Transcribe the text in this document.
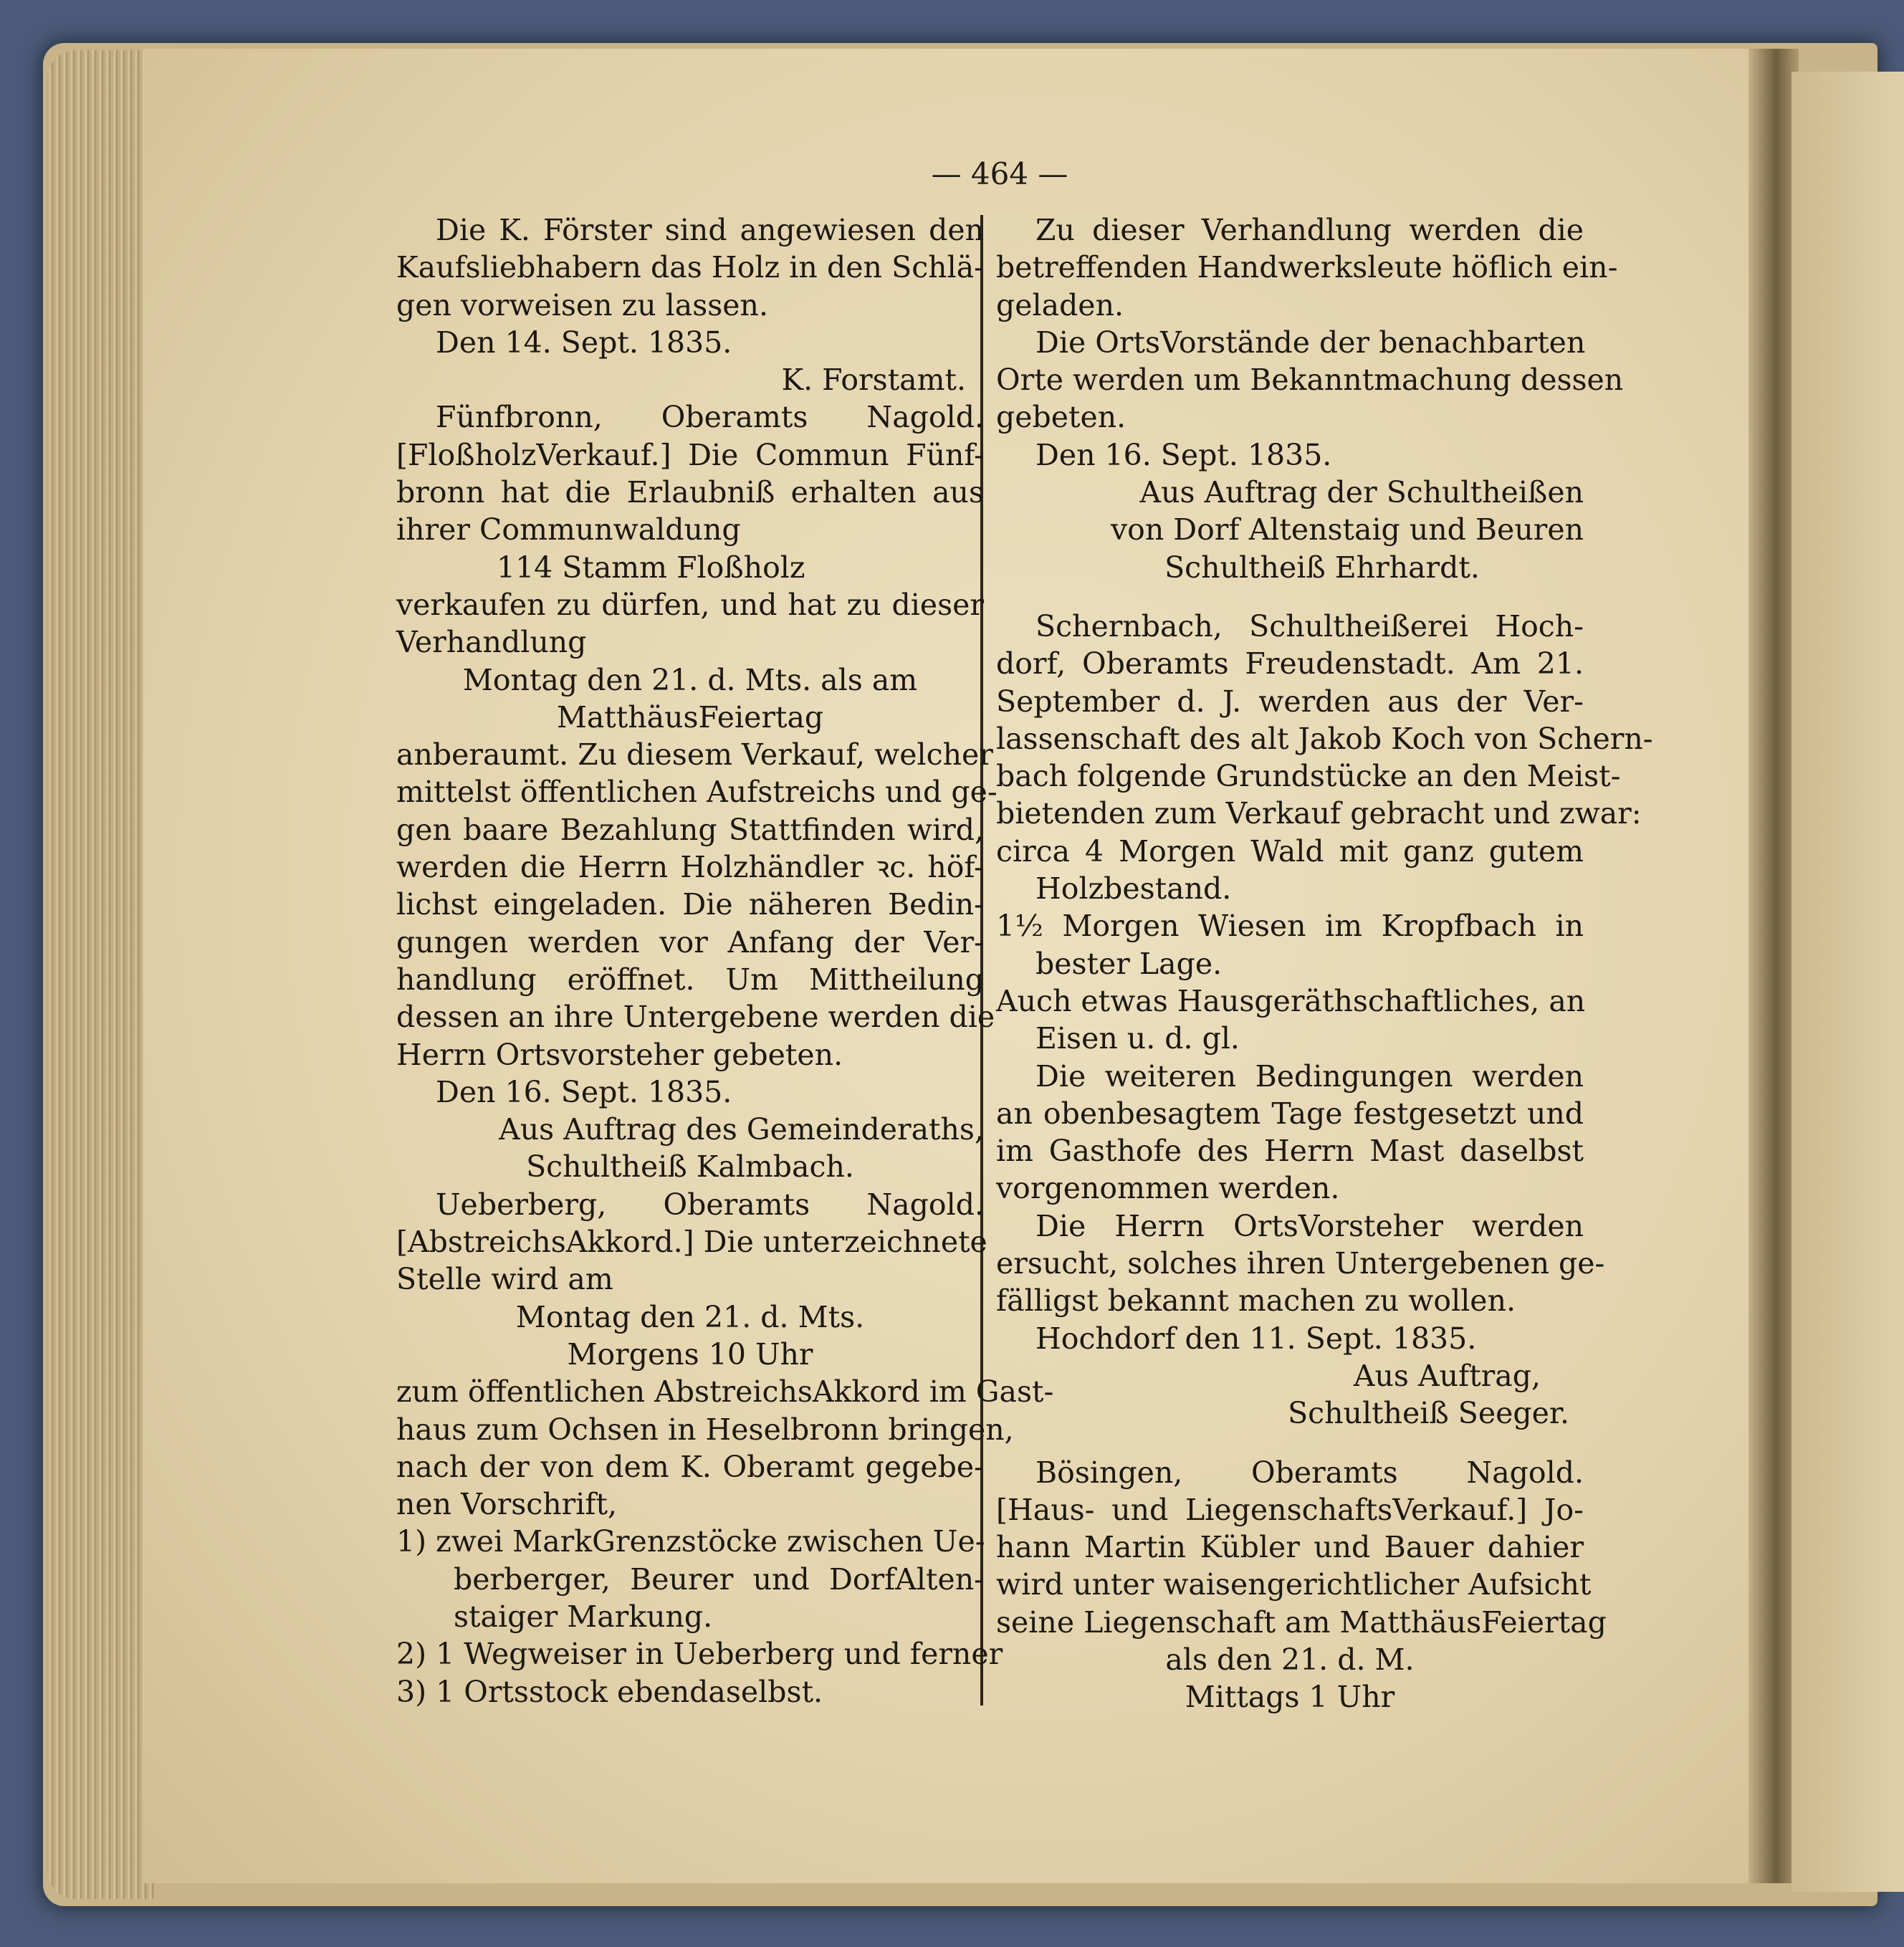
— 464 —
Die K. Förster sind angewiesen den
Kaufsliebhabern das Holz in den Schlä-
gen vorweisen zu lassen.
Den 14. Sept. 1835.
K. Forstamt.
Fünfbronn, Oberamts Nagold.
[FloßholzVerkauf.] Die Commun Fünf-
bronn hat die Erlaubniß erhalten aus
ihrer Communwaldung
114 Stamm Floßholz
verkaufen zu dürfen, und hat zu dieser
Verhandlung
Montag den 21. d. Mts. als am
MatthäusFeiertag
anberaumt. Zu diesem Verkauf, welcher
mittelst öffentlichen Aufstreichs und ge-
gen baare Bezahlung Stattfinden wird,
werden die Herrn Holzhändler ꝛc. höf-
lichst eingeladen. Die näheren Bedin-
gungen werden vor Anfang der Ver-
handlung eröffnet. Um Mittheilung
dessen an ihre Untergebene werden die
Herrn Ortsvorsteher gebeten.
Den 16. Sept. 1835.
Aus Auftrag des Gemeinderaths,
Schultheiß Kalmbach.
Ueberberg, Oberamts Nagold.
[AbstreichsAkkord.] Die unterzeichnete
Stelle wird am
Montag den 21. d. Mts.
Morgens 10 Uhr
zum öffentlichen AbstreichsAkkord im Gast-
haus zum Ochsen in Heselbronn bringen,
nach der von dem K. Oberamt gegebe-
nen Vorschrift,
1) zwei MarkGrenzstöcke zwischen Ue-
berberger, Beurer und DorfAlten-
staiger Markung.
2) 1 Wegweiser in Ueberberg und ferner
3) 1 Ortsstock ebendaselbst.
Zu dieser Verhandlung werden die
betreffenden Handwerksleute höflich ein-
geladen.
Die OrtsVorstände der benachbarten
Orte werden um Bekanntmachung dessen
gebeten.
Den 16. Sept. 1835.
Aus Auftrag der Schultheißen
von Dorf Altenstaig und Beuren
Schultheiß Ehrhardt.
Schernbach, Schultheißerei Hoch-
dorf, Oberamts Freudenstadt. Am 21.
September d. J. werden aus der Ver-
lassenschaft des alt Jakob Koch von Schern-
bach folgende Grundstücke an den Meist-
bietenden zum Verkauf gebracht und zwar:
circa 4 Morgen Wald mit ganz gutem
Holzbestand.
1½ Morgen Wiesen im Kropfbach in
bester Lage.
Auch etwas Hausgeräthschaftliches, an
Eisen u. d. gl.
Die weiteren Bedingungen werden
an obenbesagtem Tage festgesetzt und
im Gasthofe des Herrn Mast daselbst
vorgenommen werden.
Die Herrn OrtsVorsteher werden
ersucht, solches ihren Untergebenen ge-
fälligst bekannt machen zu wollen.
Hochdorf den 11. Sept. 1835.
Aus Auftrag,
Schultheiß Seeger.
Bösingen, Oberamts Nagold.
[Haus- und LiegenschaftsVerkauf.] Jo-
hann Martin Kübler und Bauer dahier
wird unter waisengerichtlicher Aufsicht
seine Liegenschaft am MatthäusFeiertag
als den 21. d. M.
Mittags 1 Uhr
